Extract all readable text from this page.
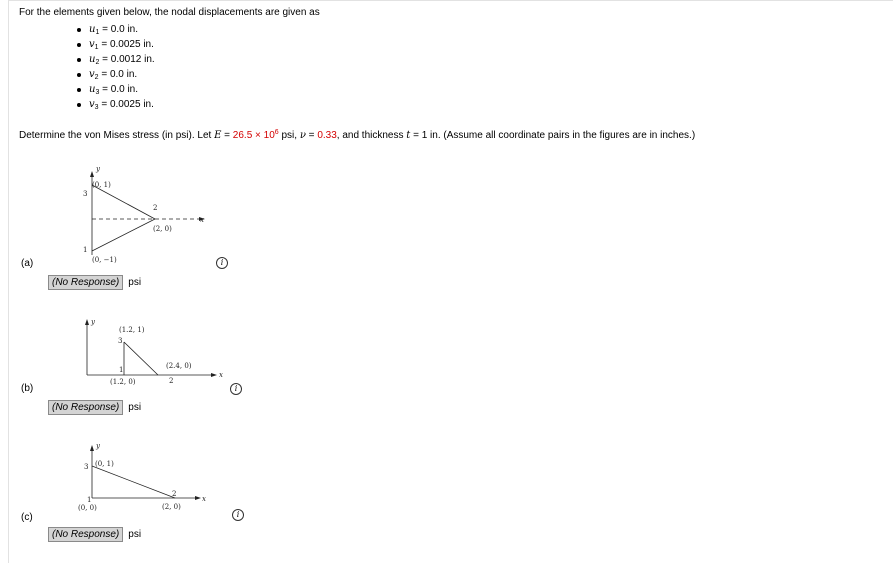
For the elements given below, the nodal displacements are given as
$u_1 = 0.0$ in.
$v_1 = 0.0025$ in.
$u_2 = 0.0012$ in.
$v_2 = 0.0$ in.
$u_3 = 0.0$ in.
$v_3 = 0.0025$ in.
Determine the von Mises stress (in psi). Let $E = 26.5 \times 10^6$ psi, ν = 0.33, and thickness t = 1 in. (Assume all coordinate pairs in the figures are in inches.)
y
x
3
(0, 1)
2
(2, 0)
1
(0, −1)
(a)	i
(No Response) psi
y
x
3
(1.2, 1)
2
(2.4, 0)
1
(1.2, 0)
(b)	i
(No Response) psi
y
x
3 (0, 1)
2
(2, 0)
1
(0, 0)
(c)	i
(No Response) psi
